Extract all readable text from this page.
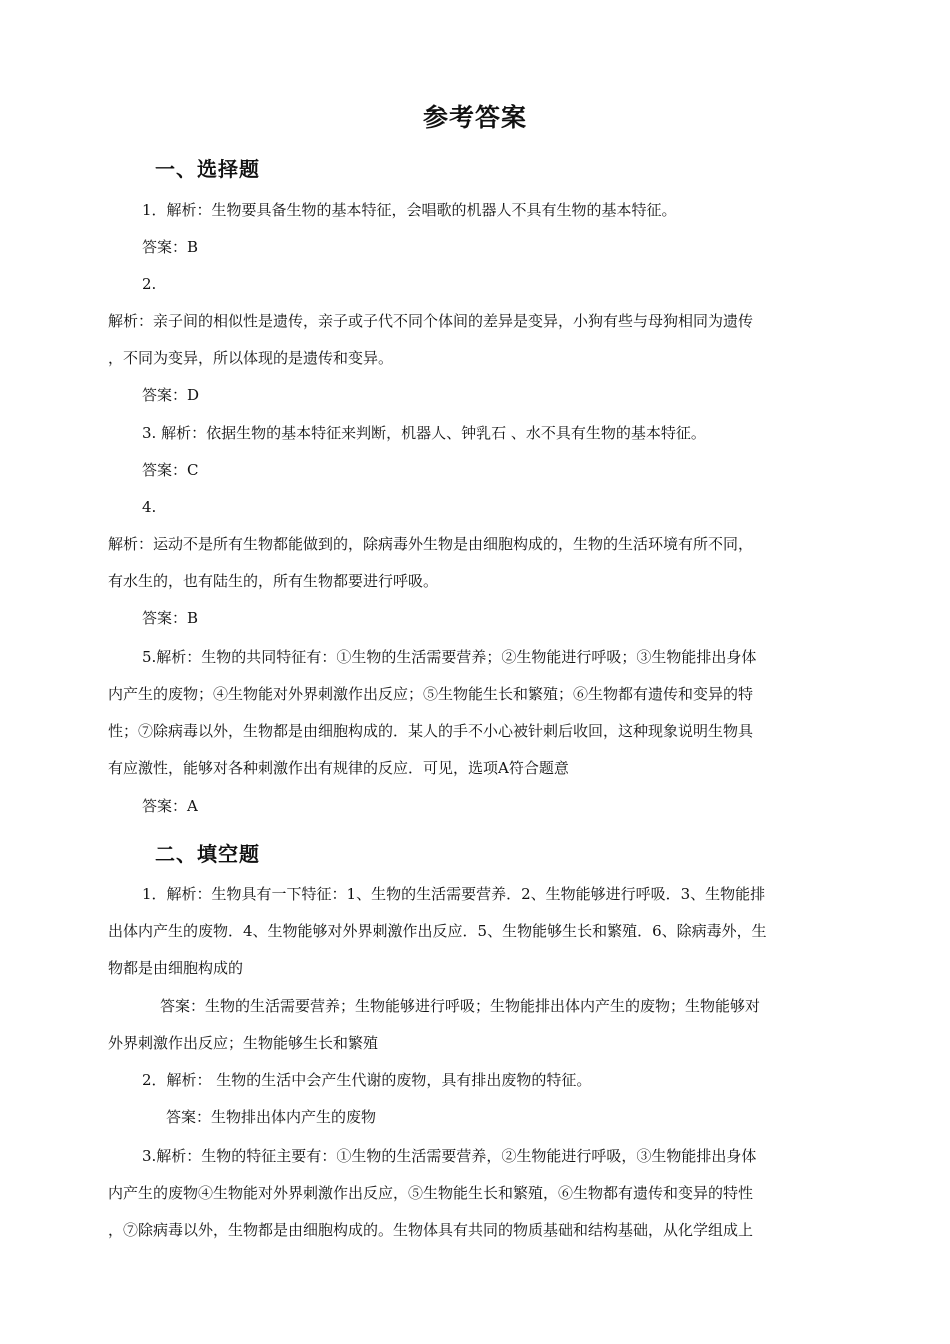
参考答案
一、选择题

1．解析：生物要具备生物的基本特征，会唱歌的机器人不具有生物的基本特征。

答案：B

2.

解析：亲子间的相似性是遗传，亲子或子代不同个体间的差异是变异，小狗有些与母狗相同为遗传

，不同为变异，所以体现的是遗传和变异。

答案：D

3. 解析：依据生物的基本特征来判断，机器人、钟乳石 、水不具有生物的基本特征。

答案：C

4.

解析：运动不是所有生物都能做到的，除病毒外生物是由细胞构成的，生物的生活环境有所不同，

有水生的，也有陆生的，所有生物都要进行呼吸。

答案：B

5.解析：生物的共同特征有：①生物的生活需要营养；②生物能进行呼吸；③生物能排出身体

内产生的废物；④生物能对外界刺激作出反应；⑤生物能生长和繁殖；⑥生物都有遗传和变异的特

性；⑦除病毒以外，生物都是由细胞构成的．某人的手不小心被针刺后收回，这种现象说明生物具

有应激性，能够对各种刺激作出有规律的反应．可见，选项A符合题意

答案：A

二、填空题

1．解析：生物具有一下特征：1、生物的生活需要营养．2、生物能够进行呼吸．3、生物能排

出体内产生的废物．4、生物能够对外界刺激作出反应．5、生物能够生长和繁殖．6、除病毒外，生

物都是由细胞构成的

答案：生物的生活需要营养；生物能够进行呼吸；生物能排出体内产生的废物；生物能够对

外界刺激作出反应；生物能够生长和繁殖

2．解析： 生物的生活中会产生代谢的废物，具有排出废物的特征。

答案：生物排出体内产生的废物

3.解析：生物的特征主要有：①生物的生活需要营养，②生物能进行呼吸，③生物能排出身体

内产生的废物④生物能对外界刺激作出反应，⑤生物能生长和繁殖，⑥生物都有遗传和变异的特性

，⑦除病毒以外，生物都是由细胞构成的。生物体具有共同的物质基础和结构基础，从化学组成上
